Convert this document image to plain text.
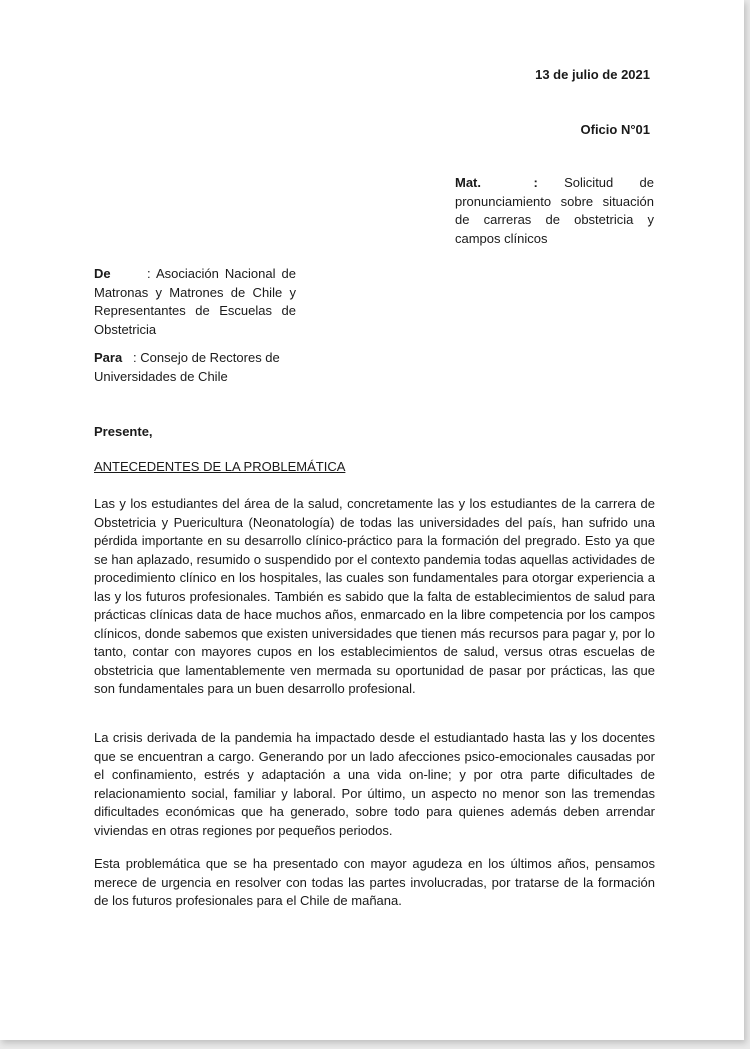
13 de julio de 2021
Oficio N°01
Mat.	: Solicitud de pronunciamiento sobre situación de carreras de obstetricia y campos clínicos
De	: Asociación Nacional de Matronas y Matrones de Chile y Representantes de Escuelas de Obstetricia
Para : Consejo de Rectores de Universidades de Chile
Presente,
ANTECEDENTES DE LA PROBLEMÁTICA

Las y los estudiantes del área de la salud, concretamente las y los estudiantes de la carrera de Obstetricia y Puericultura (Neonatología) de todas las universidades del país, han sufrido una pérdida importante en su desarrollo clínico-práctico para la formación del pregrado. Esto ya que se han aplazado, resumido o suspendido por el contexto pandemia todas aquellas actividades de procedimiento clínico en los hospitales, las cuales son fundamentales para otorgar experiencia a las y los futuros profesionales. También es sabido que la falta de establecimientos de salud para prácticas clínicas data de hace muchos años, enmarcado en la libre competencia por los campos clínicos, donde sabemos que existen universidades que tienen más recursos para pagar y, por lo tanto, contar con mayores cupos en los establecimientos de salud, versus otras escuelas de obstetricia que lamentablemente ven mermada su oportunidad de pasar por prácticas, las que son fundamentales para un buen desarrollo profesional.

La crisis derivada de la pandemia ha impactado desde el estudiantado hasta las y los docentes que se encuentran a cargo. Generando por un lado afecciones psico-emocionales causadas por el confinamiento, estrés y adaptación a una vida on-line; y por otra parte dificultades de relacionamiento social, familiar y laboral. Por último, un aspecto no menor son las tremendas dificultades económicas que ha generado, sobre todo para quienes además deben arrendar viviendas en otras regiones por pequeños periodos.

Esta problemática que se ha presentado con mayor agudeza en los últimos años, pensamos merece de urgencia en resolver con todas las partes involucradas, por tratarse de la formación de los futuros profesionales para el Chile de mañana.
